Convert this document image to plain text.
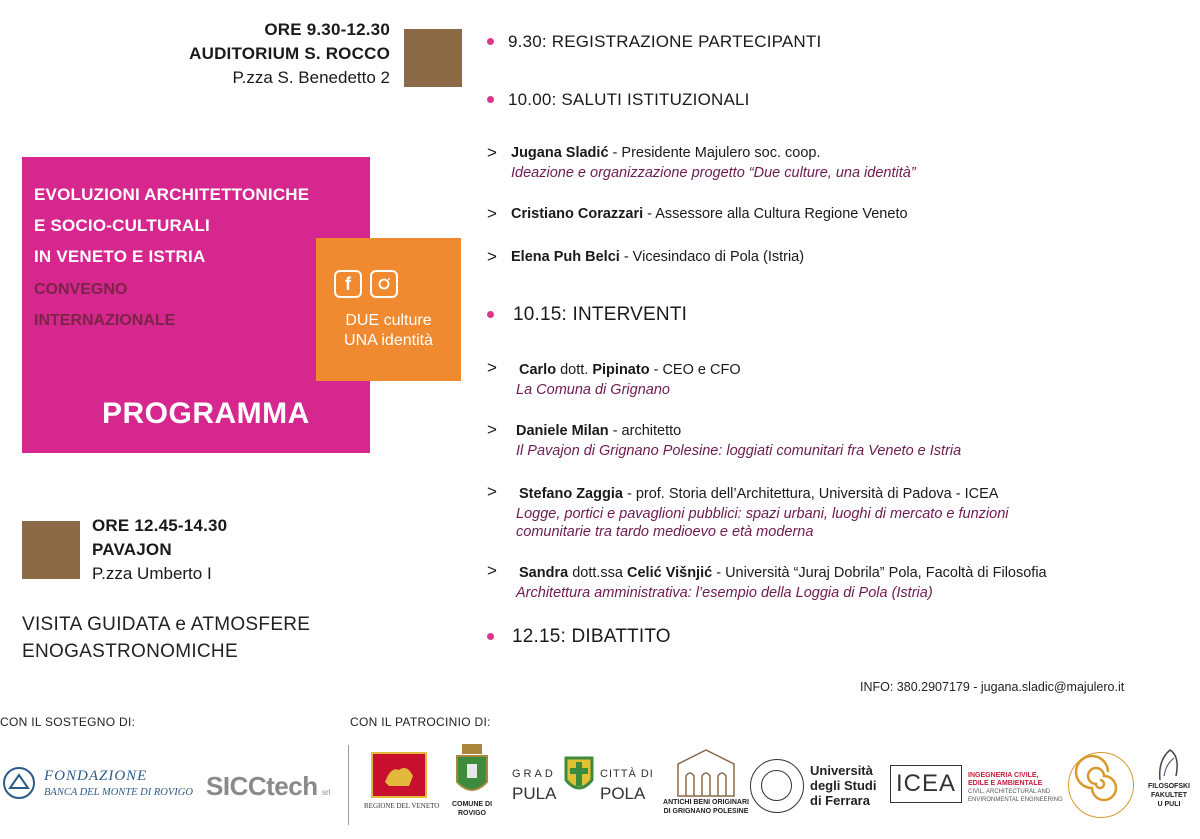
ORE 9.30-12.30
AUDITORIUM S. ROCCO
P.zza S. Benedetto 2
EVOLUZIONI ARCHITETTONICHE
E SOCIO-CULTURALI
IN VENETO E ISTRIA
CONVEGNO
INTERNAZIONALE
PROGRAMMA
f
DUE culture
UNA identità
ORE 12.45-14.30
PAVAJON
P.zza Umberto I
VISITA GUIDATA e ATMOSFERE
ENOGASTRONOMICHE
9.30: REGISTRAZIONE PARTECIPANTI
10.00: SALUTI ISTITUZIONALI
> Jugana Sladić - Presidente Majulero soc. coop.
Ideazione e organizzazione progetto “Due culture, una identità”
> Cristiano Corazzari - Assessore alla Cultura Regione Veneto
> Elena Puh Belci - Vicesindaco di Pola (Istria)
10.15: INTERVENTI
> Carlo dott. Pipinato - CEO e CFO
La Comuna di Grignano
> Daniele Milan - architetto
Il Pavajon di Grignano Polesine: loggiati comunitari fra Veneto e Istria
> Stefano Zaggia - prof. Storia dell’Architettura, Università di Padova - ICEA
Logge, portici e pavaglioni pubblici: spazi urbani, luoghi di mercato e funzioni
comunitarie tra tardo medioevo e età moderna
> Sandra dott.ssa Celić Višnjić - Università “Juraj Dobrila” Pola, Facoltà di Filosofia
Architettura amministrativa: l’esempio della Loggia di Pola (Istria)
12.15: DIBATTITO
INFO: 380.2907179 - jugana.sladic@majulero.it
CON IL SOSTEGNO DI:	CON IL PATROCINIO DI:
FONDAZIONE
BANCA DEL MONTE DI ROVIGO SICCtech srl
REGIONE DEL VENETO	COMUNE DI
ROVIGO
GRAD
PULA
CITTÀ DI
POLA	ANTICHI BENI ORIGINARI
DI GRIGNANO POLESINE
Università
degli Studi
di Ferrara
ICEA INGEGNERIA CIVILE,
EDILE E AMBIENTALE
CIVIL, ARCHITECTURAL AND
ENVIRONMENTAL ENGINEERING
FILOSOFSKI
FAKULTET
U PULI
